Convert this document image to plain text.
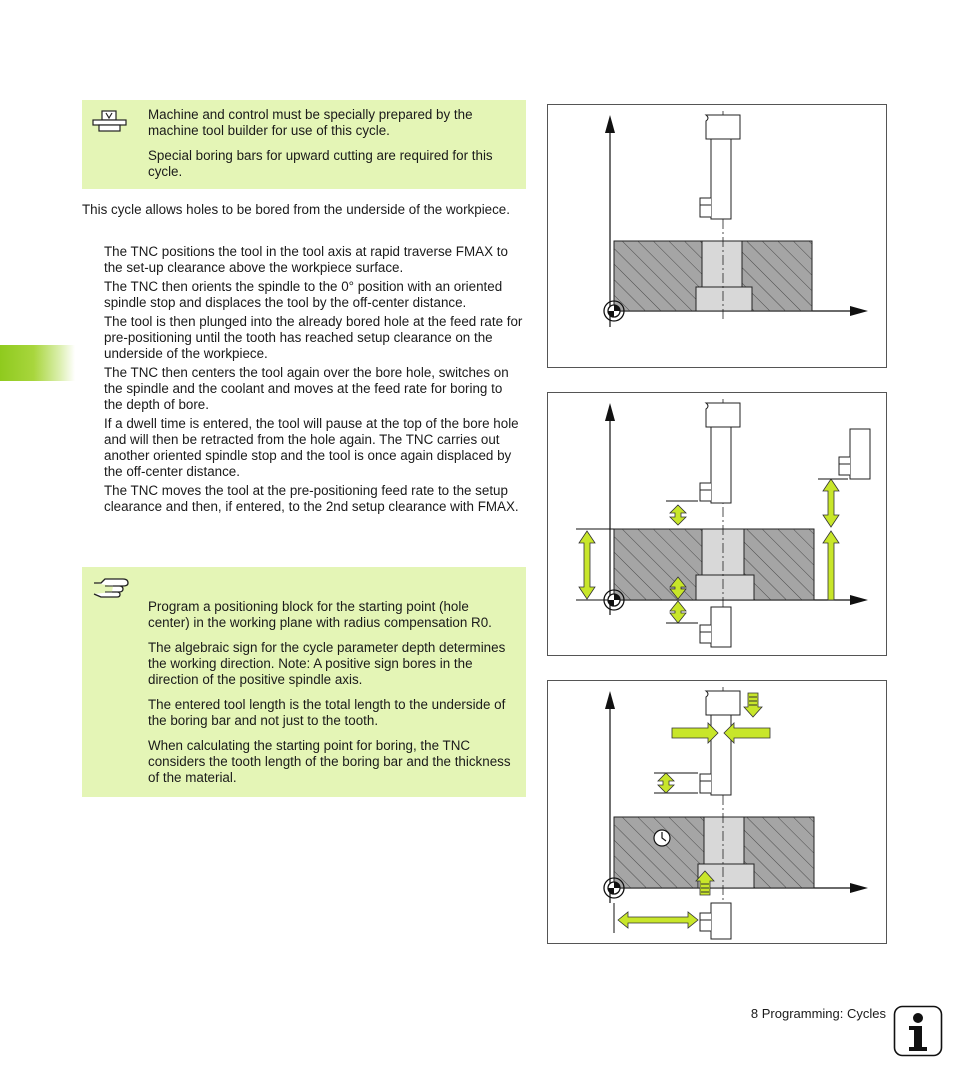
Machine and control must be specially prepared by the machine tool builder for use of this cycle.

Special boring bars for upward cutting are required for this cycle.

This cycle allows holes to be bored from the underside of the workpiece.

The TNC positions the tool in the tool axis at rapid traverse FMAX to the set-up clearance above the workpiece surface.

The TNC then orients the spindle to the 0° position with an oriented spindle stop and displaces the tool by the off-center distance.

The tool is then plunged into the already bored hole at the feed rate for pre-positioning until the tooth has reached setup clearance on the underside of the workpiece.

The TNC then centers the tool again over the bore hole, switches on the spindle and the coolant and moves at the feed rate for boring to the depth of bore.

If a dwell time is entered, the tool will pause at the top of the bore hole and will then be retracted from the hole again. The TNC carries out another oriented spindle stop and the tool is once again displaced by the off-center distance.

The TNC moves the tool at the pre-positioning feed rate to the setup clearance and then, if entered, to the 2nd setup clearance with FMAX.

Program a positioning block for the starting point (hole center) in the working plane with radius compensation R0.

The algebraic sign for the cycle parameter depth determines the working direction. Note: A positive sign bores in the direction of the positive spindle axis.

The entered tool length is the total length to the underside of the boring bar and not just to the tooth.

When calculating the starting point for boring, the TNC considers the tooth length of the boring bar and the thickness of the material.

8 Programming: Cycles
